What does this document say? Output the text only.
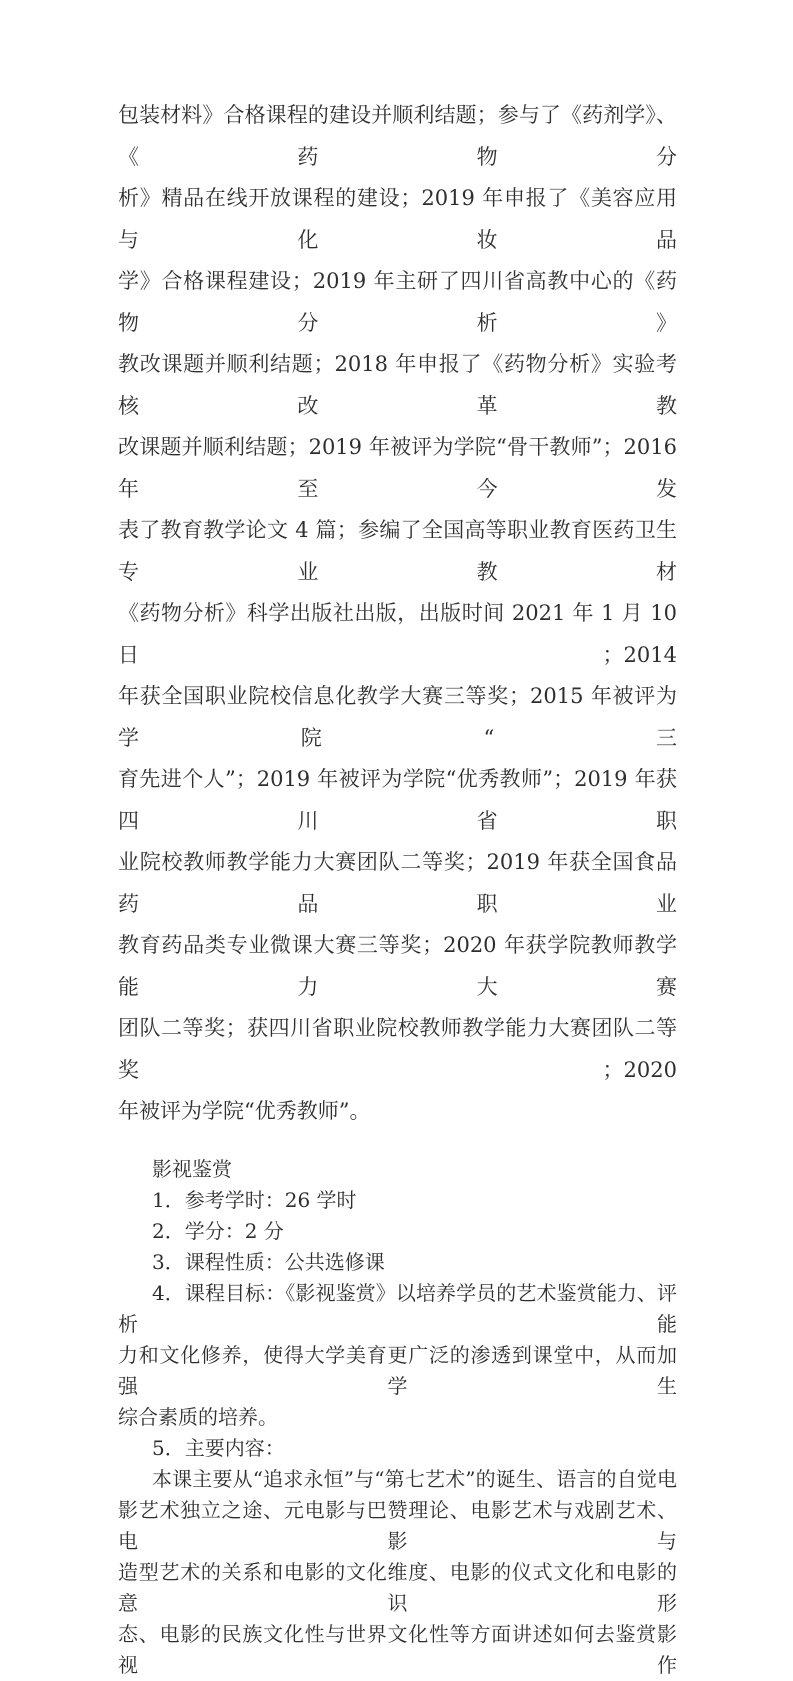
包装材料》合格课程的建设并顺利结题；参与了《药剂学》、《药物分
析》精品在线开放课程的建设；2019 年申报了《美容应用与化妆品
学》合格课程建设；2019 年主研了四川省高教中心的《药物分析》
教改课题并顺利结题；2018 年申报了《药物分析》实验考核改革教
改课题并顺利结题；2019 年被评为学院“骨干教师”；2016 年至今发
表了教育教学论文 4 篇；参编了全国高等职业教育医药卫生专业教材
《药物分析》科学出版社出版，出版时间 2021 年 1 月 10 日；2014
年获全国职业院校信息化教学大赛三等奖；2015 年被评为学院“三
育先进个人”；2019 年被评为学院“优秀教师”；2019 年获四川省职
业院校教师教学能力大赛团队二等奖；2019 年获全国食品药品职业
教育药品类专业微课大赛三等奖；2020 年获学院教师教学能力大赛
团队二等奖；获四川省职业院校教师教学能力大赛团队二等奖；2020
年被评为学院“优秀教师”。
影视鉴赏
1．参考学时：26 学时
2．学分：2 分
3．课程性质：公共选修课
4．课程目标：《影视鉴赏》以培养学员的艺术鉴赏能力、评析能
力和文化修养，使得大学美育更广泛的渗透到课堂中，从而加强学生
综合素质的培养。
5．主要内容：
本课主要从“追求永恒”与“第七艺术”的诞生、语言的自觉电
影艺术独立之途、元电影与巴赞理论、电影艺术与戏剧艺术、电影与
造型艺术的关系和电影的文化维度、电影的仪式文化和电影的意识形
态、电影的民族文化性与世界文化性等方面讲述如何去鉴赏影视作
